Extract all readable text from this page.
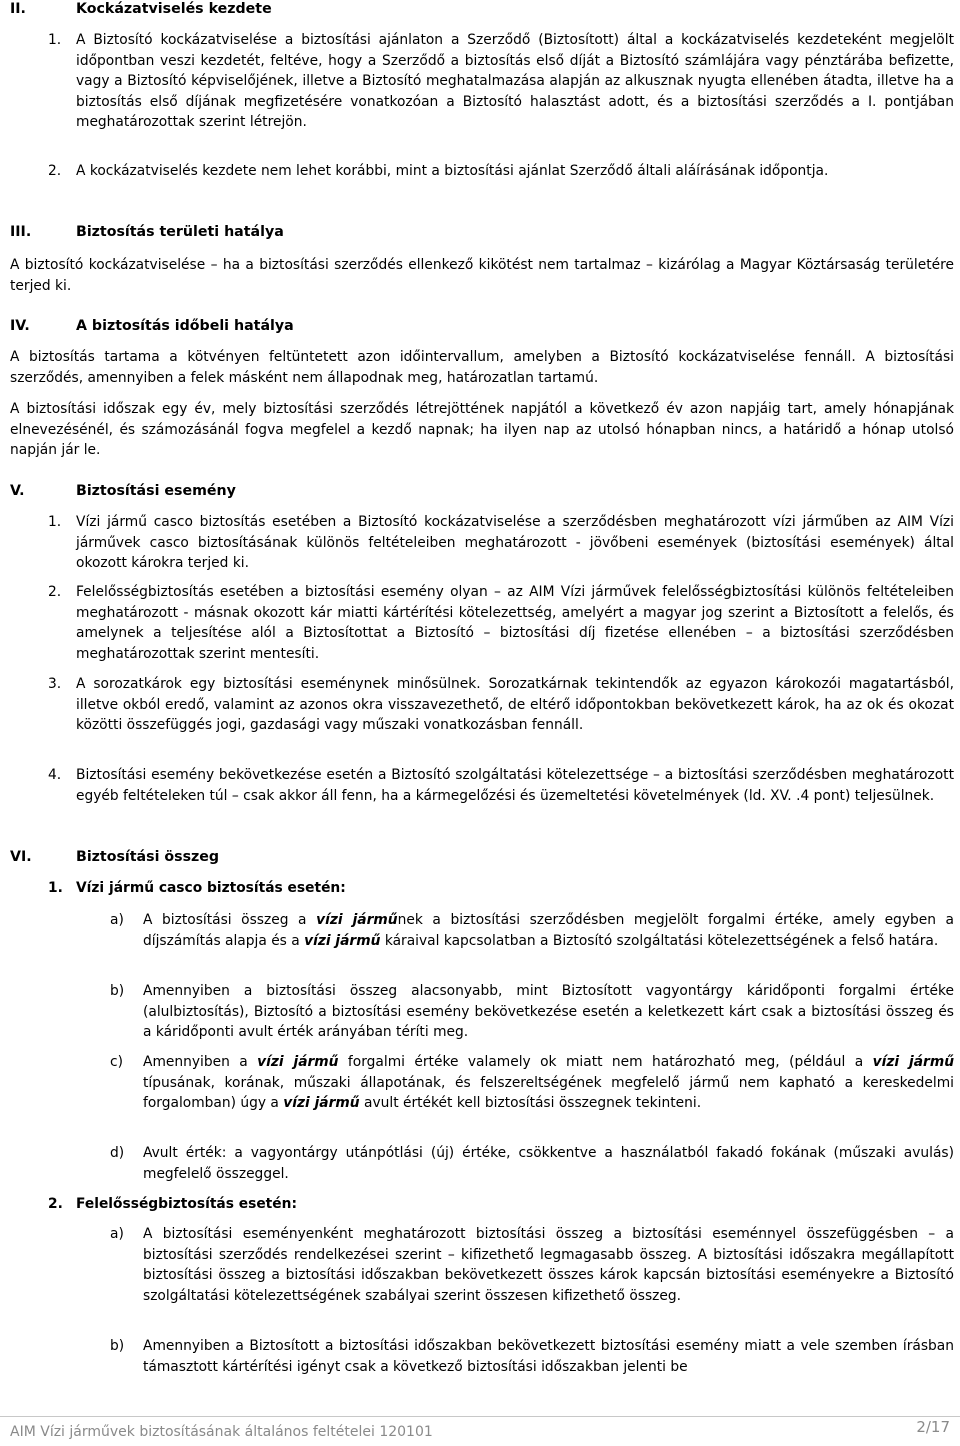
II.	Kockázatviselés kezdete
1. A Biztosító kockázatviselése a biztosítási ajánlaton a Szerződő (Biztosított) által a kockázatviselés kezdeteként megjelölt időpontban veszi kezdetét, feltéve, hogy a Szerződő a biztosítás első díját a Biztosító számlájára vagy pénztárába befizette, vagy a Biztosító képviselőjének, illetve a Biztosító meghatalmazása alapján az alkusznak nyugta ellenében átadta, illetve ha a biztosítás első díjának megfizetésére vonatkozóan a Biztosító halasztást adott, és a biztosítási szerződés a I. pontjában meghatározottak szerint létrejön.
2. A kockázatviselés kezdete nem lehet korábbi, mint a biztosítási ajánlat Szerződő általi aláírásának időpontja.
III.	Biztosítás területi hatálya
A biztosító kockázatviselése – ha a biztosítási szerződés ellenkező kikötést nem tartalmaz – kizárólag a Magyar Köztársaság területére terjed ki.
IV.	A biztosítás időbeli hatálya
A biztosítás tartama a kötvényen feltüntetett azon időintervallum, amelyben a Biztosító kockázatviselése fennáll. A biztosítási szerződés, amennyiben a felek másként nem állapodnak meg, határozatlan tartamú.
A biztosítási időszak egy év, mely biztosítási szerződés létrejöttének napjától a következő év azon napjáig tart, amely hónapjának elnevezésénél, és számozásánál fogva megfelel a kezdő napnak; ha ilyen nap az utolsó hónapban nincs, a határidő a hónap utolsó napján jár le.
V.	Biztosítási esemény
1. Vízi jármű casco biztosítás esetében a Biztosító kockázatviselése a szerződésben meghatározott vízi járműben az AIM Vízi járművek casco biztosításának különös feltételeiben meghatározott - jövőbeni események (biztosítási események) által okozott károkra terjed ki.
2. Felelősségbiztosítás esetében a biztosítási esemény olyan – az AIM Vízi járművek felelősségbiztosítási különös feltételeiben meghatározott - másnak okozott kár miatti kártérítési kötelezettség, amelyért a magyar jog szerint a Biztosított a felelős, és amelynek a teljesítése alól a Biztosítottat a Biztosító – biztosítási díj fizetése ellenében – a biztosítási szerződésben meghatározottak szerint mentesíti.
3. A sorozatkárok egy biztosítási eseménynek minősülnek. Sorozatkárnak tekintendők az egyazon károkozói magatartásból, illetve okból eredő, valamint az azonos okra visszavezethető, de eltérő időpontokban bekövetkezett károk, ha az ok és okozat közötti összefüggés jogi, gazdasági vagy műszaki vonatkozásban fennáll.
4. Biztosítási esemény bekövetkezése esetén a Biztosító szolgáltatási kötelezettsége – a biztosítási szerződésben meghatározott egyéb feltételeken túl – csak akkor áll fenn, ha a kármegelőzési és üzemeltetési követelmények (ld. XV. .4 pont) teljesülnek.
VI.	Biztosítási összeg
1. Vízi jármű casco biztosítás esetén:
a) A biztosítási összeg a vízi járműnek a biztosítási szerződésben megjelölt forgalmi értéke, amely egyben a díjszámítás alapja és a vízi jármű káraival kapcsolatban a Biztosító szolgáltatási kötelezettségének a felső határa.
b) Amennyiben a biztosítási összeg alacsonyabb, mint Biztosított vagyontárgy káridőponti forgalmi értéke (alulbiztosítás), Biztosító a biztosítási esemény bekövetkezése esetén a keletkezett kárt csak a biztosítási összeg és a káridőponti avult érték arányában téríti meg.
c) Amennyiben a vízi jármű forgalmi értéke valamely ok miatt nem határozható meg, (például a vízi jármű típusának, korának, műszaki állapotának, és felszereltségének megfelelő jármű nem kapható a kereskedelmi forgalomban) úgy a vízi jármű avult értékét kell biztosítási összegnek tekinteni.
d) Avult érték: a vagyontárgy utánpótlási (új) értéke, csökkentve a használatból fakadó fokának (műszaki avulás) megfelelő összeggel.
2. Felelősségbiztosítás esetén:
a) A biztosítási eseményenként meghatározott biztosítási összeg a biztosítási eseménnyel összefüggésben – a biztosítási szerződés rendelkezései szerint – kifizethető legmagasabb összeg. A biztosítási időszakra megállapított biztosítási összeg a biztosítási időszakban bekövetkezett összes károk kapcsán biztosítási eseményekre a Biztosító szolgáltatási kötelezettségének szabályai szerint összesen kifizethető összeg.
b) Amennyiben a Biztosított a biztosítási időszakban bekövetkezett biztosítási esemény miatt a vele szemben írásban támasztott kártérítési igényt csak a következő biztosítási időszakban jelenti be
AIM Vízi járművek biztosításának általános feltételei 120101	2/17
